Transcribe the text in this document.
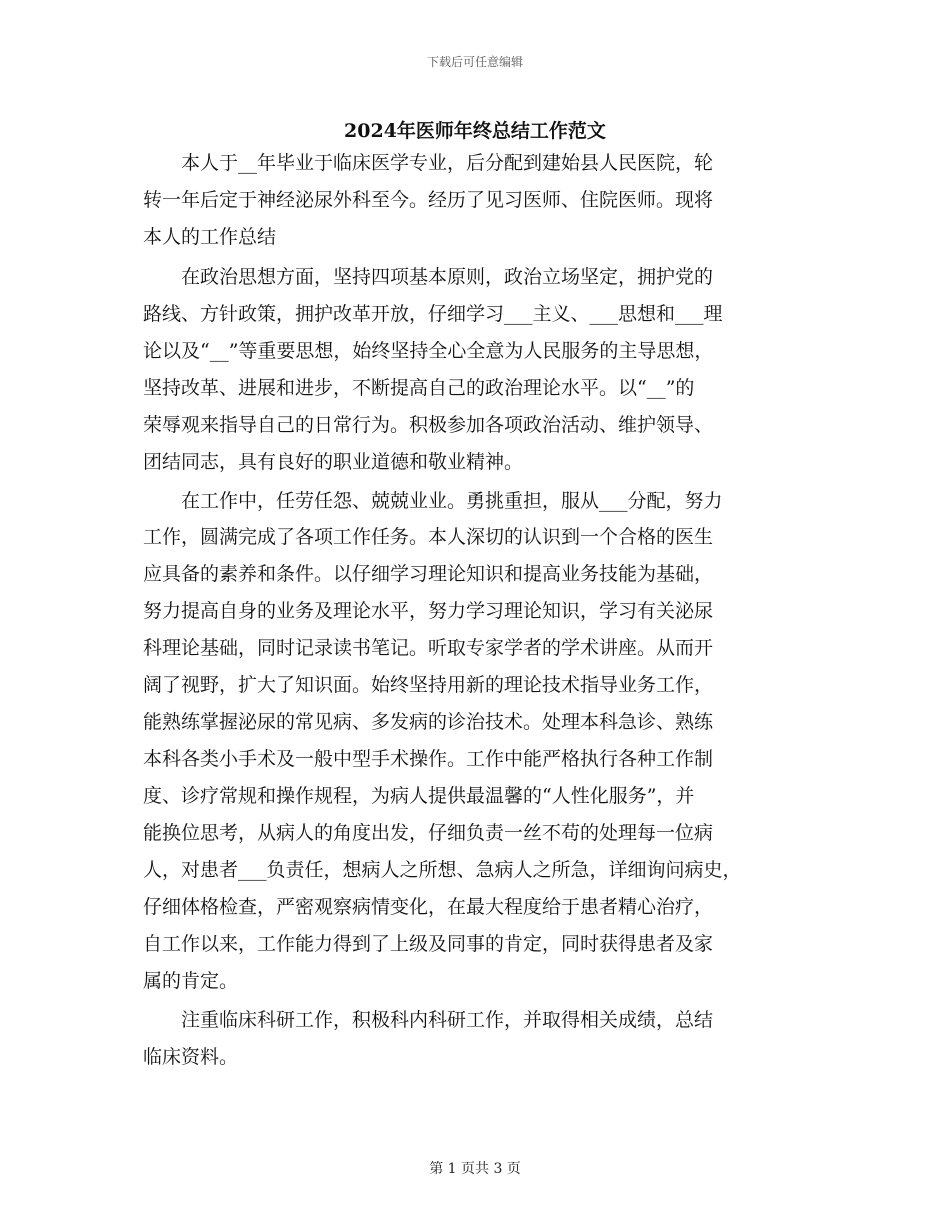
下载后可任意编辑
2024年医师年终总结工作范文
　　本人于__年毕业于临床医学专业，后分配到建始县人民医院，轮
转一年后定于神经泌尿外科至今。经历了见习医师、住院医师。现将
本人的工作总结
　　在政治思想方面，坚持四项基本原则，政治立场坚定，拥护党的
路线、方针政策，拥护改革开放，仔细学习___主义、___思想和___理
论以及“__”等重要思想，始终坚持全心全意为人民服务的主导思想，
坚持改革、进展和进步，不断提高自己的政治理论水平。以“__”的
荣辱观来指导自己的日常行为。积极参加各项政治活动、维护领导、
团结同志，具有良好的职业道德和敬业精神。
　　在工作中，任劳任怨、兢兢业业。勇挑重担，服从___分配，努力
工作，圆满完成了各项工作任务。本人深切的认识到一个合格的医生
应具备的素养和条件。以仔细学习理论知识和提高业务技能为基础，
努力提高自身的业务及理论水平，努力学习理论知识，学习有关泌尿
科理论基础，同时记录读书笔记。听取专家学者的学术讲座。从而开
阔了视野，扩大了知识面。始终坚持用新的理论技术指导业务工作，
能熟练掌握泌尿的常见病、多发病的诊治技术。处理本科急诊、熟练
本科各类小手术及一般中型手术操作。工作中能严格执行各种工作制
度、诊疗常规和操作规程，为病人提供最温馨的“人性化服务”，并
能换位思考，从病人的角度出发，仔细负责一丝不苟的处理每一位病
人，对患者___负责任，想病人之所想、急病人之所急，详细询问病史，
仔细体格检查，严密观察病情变化，在最大程度给于患者精心治疗，
自工作以来，工作能力得到了上级及同事的肯定，同时获得患者及家
属的肯定。
　　注重临床科研工作，积极科内科研工作，并取得相关成绩，总结
临床资料。
第 1 页共 3 页
